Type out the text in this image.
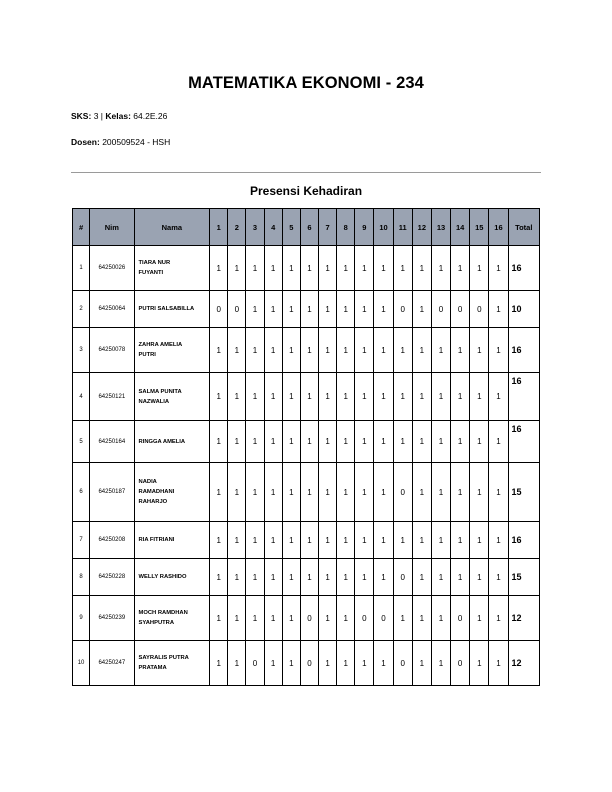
MATEMATIKA EKONOMI - 234
SKS: 3 | Kelas: 64.2E.26
Dosen: 200509524 - HSH
Presensi Kehadiran
#	Nim	Nama	1	2	3	4	5	6	7	8	9	10	11	12	13	14	15	16	Total
1	64250026	TIARA NUR
FUYANTI	1	1	1	1	1	1	1	1	1	1	1	1	1	1	1	1	16
2	64250064	PUTRI SALSABILLA	0	0	1	1	1	1	1	1	1	1	0	1	0	0	0	1	10
3	64250078	ZAHRA AMELIA
PUTRI	1	1	1	1	1	1	1	1	1	1	1	1	1	1	1	1	16
4	64250121	SALMA PUNITA
NAZWALIA	1	1	1	1	1	1	1	1	1	1	1	1	1	1	1	1	16
5	64250164	RINGGA AMELIA	1	1	1	1	1	1	1	1	1	1	1	1	1	1	1	1	16
6	64250187	NADIA
RAMADHANI
RAHARJO	1	1	1	1	1	1	1	1	1	1	0	1	1	1	1	1	15
7	64250208	RIA FITRIANI	1	1	1	1	1	1	1	1	1	1	1	1	1	1	1	1	16
8	64250228	WELLY RASHIDO	1	1	1	1	1	1	1	1	1	1	0	1	1	1	1	1	15
9	64250239	MOCH RAMDHAN
SYAHPUTRA	1	1	1	1	1	0	1	1	0	0	1	1	1	0	1	1	12
10	64250247	SAYRALIS PUTRA
PRATAMA	1	1	0	1	1	0	1	1	1	1	0	1	1	0	1	1	12
